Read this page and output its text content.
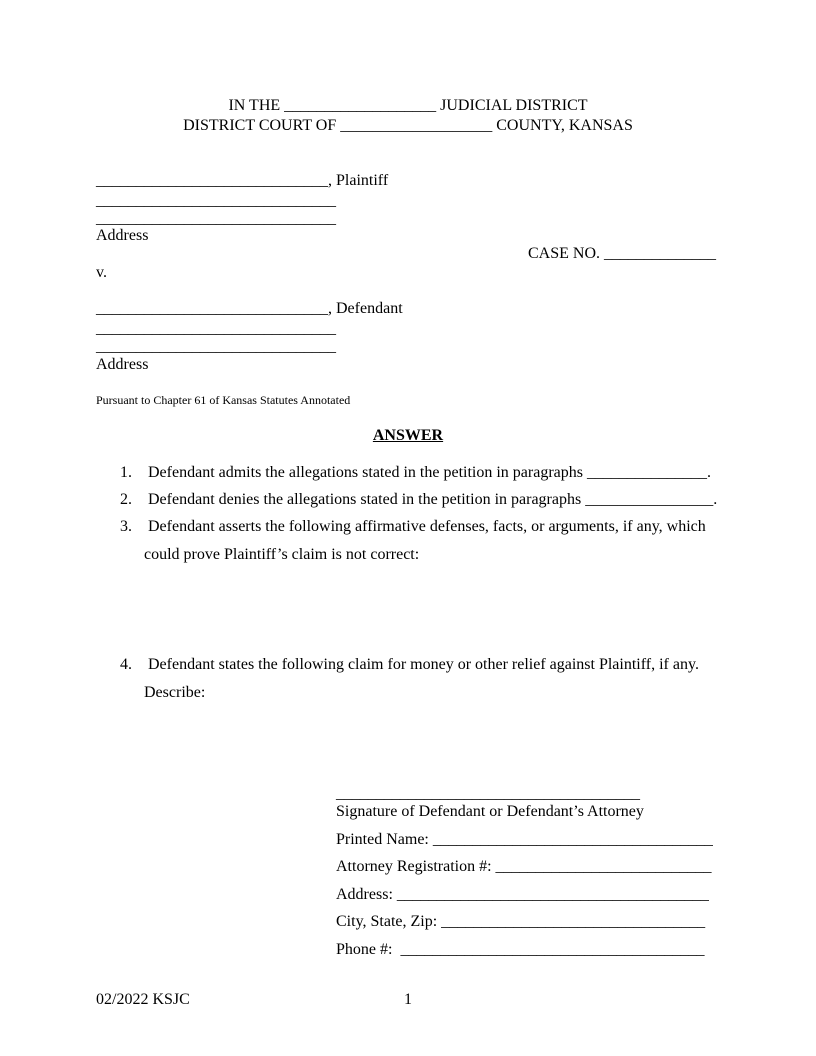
IN THE ___________________ JUDICIAL DISTRICT
DISTRICT COURT OF ___________________ COUNTY, KANSAS
_____________________________, Plaintiff
______________________________
______________________________
Address
CASE NO. ______________
v.
_____________________________, Defendant
______________________________
______________________________
Address
Pursuant to Chapter 61 of Kansas Statutes Annotated
ANSWER
1. Defendant admits the allegations stated in the petition in paragraphs _______________.
2. Defendant denies the allegations stated in the petition in paragraphs ________________.
3. Defendant asserts the following affirmative defenses, facts, or arguments, if any, which
could prove Plaintiff’s claim is not correct:
4. Defendant states the following claim for money or other relief against Plaintiff, if any.
Describe:
______________________________________
Signature of Defendant or Defendant’s Attorney
Printed Name: ___________________________________
Attorney Registration #: ___________________________
Address: _______________________________________
City, State, Zip: _________________________________
Phone #:  ______________________________________
02/2022 KSJC	1
